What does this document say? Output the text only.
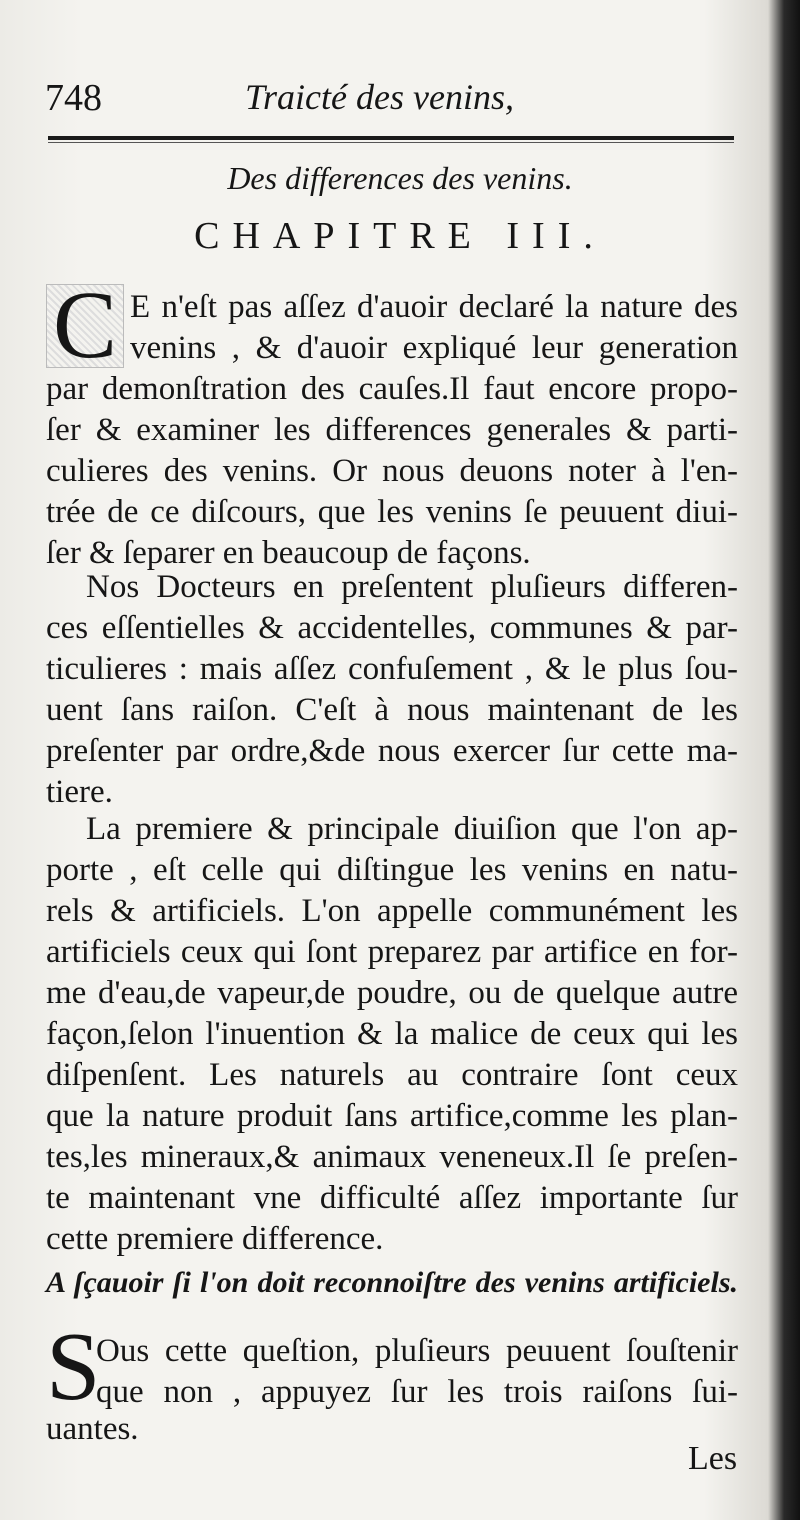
748	Traicté des venins,
Des differences des venins.
CHAPITRE III.
C E n'eſt pas aſſez d'auoir declaré la nature des
venins , & d'auoir expliqué leur generation
par demonſtration des cauſes.Il faut encore propo-
ſer & examiner les differences generales & parti-
culieres des venins. Or nous deuons noter à l'en-
trée de ce diſcours, que les venins ſe peuuent diui-
ſer & ſeparer en beaucoup de façons.
Nos Docteurs en preſentent pluſieurs differen-
ces eſſentielles & accidentelles, communes & par-
ticulieres : mais aſſez confuſement , & le plus ſou-
uent ſans raiſon. C'eſt à nous maintenant de les
preſenter par ordre,&de nous exercer ſur cette ma-
tiere.
La premiere & principale diuiſion que l'on ap-
porte , eſt celle qui diſtingue les venins en natu-
rels & artificiels. L'on appelle communément les
artificiels ceux qui ſont preparez par artifice en for-
me d'eau,de vapeur,de poudre, ou de quelque autre
façon,ſelon l'inuention & la malice de ceux qui les
diſpenſent. Les naturels au contraire ſont ceux
que la nature produit ſans artifice,comme les plan-
tes,les mineraux,& animaux veneneux.Il ſe preſen-
te maintenant vne difficulté aſſez importante ſur
cette premiere difference.
A ſçauoir ſi l'on doit reconnoiſtre des venins artificiels.
S
Ous cette queſtion, pluſieurs peuuent ſouſtenir
que non , appuyez ſur les trois raiſons ſui-
uantes.
Les
